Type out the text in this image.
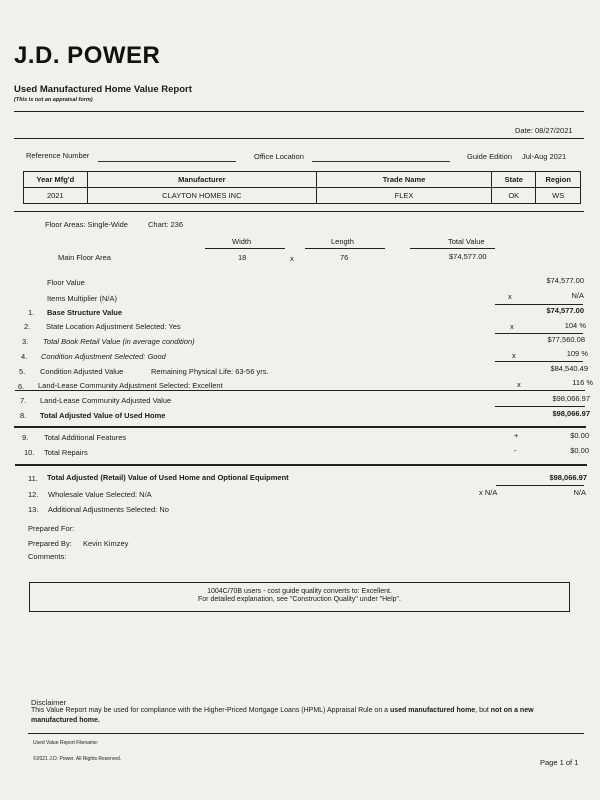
J.D. POWER
Used Manufactured Home Value Report
(This is not an appraisal form)
Date: 08/27/2021
Reference Number	Office Location	Guide Edition Jul-Aug 2021
Year Mfg'd	Manufacturer	Trade Name	State	Region
2021	CLAYTON HOMES INC	FLEX	OK	WS
Floor Areas: Single-Wide	Chart: 236
Width	Length	Total Value
Main Floor Area	18	x	76	$74,577.00
Floor Value	$74,577.00
Items Multiplier (N/A)	x	N/A
1.	Base Structure Value	$74,577.00
2.	State Location Adjustment Selected: Yes	x	104 %
3.	Total Book Retail Value (in average condition)	$77,560.08
4.	Condition Adjustment Selected: Good	x	109 %
5.	Condition Adjusted Value	Remaining Physical Life: 63-56 yrs.	$84,540.49
6.	Land-Lease Community Adjustment Selected: Excellent	x	116 %
7.	Land-Lease Community Adjusted Value	$98,066.97
8.	Total Adjusted Value of Used Home	$98,066.97
9.	Total Additional Features	+	$0.00
10.	Total Repairs	-	$0.00
11.	Total Adjusted (Retail) Value of Used Home and Optional Equipment	$98,066.97
12.	Wholesale Value Selected: N/A	x N/A	N/A
13.	Additional Adjustments Selected: No
Prepared For:
Prepared By: Kevin Kimzey
Comments:
1004C/70B users - cost guide quality converts to: Excellent.
For detailed explanation, see "Construction Quality" under "Help".
Disclaimer
This Value Report may be used for compliance with the Higher-Priced Mortgage Loans (HPML) Appraisal Rule on a used manufactured home, but not on a new manufactured home.
Used Value Report Filename:
©2021 J.D. Power. All Rights Reserved.	Page 1 of 1
